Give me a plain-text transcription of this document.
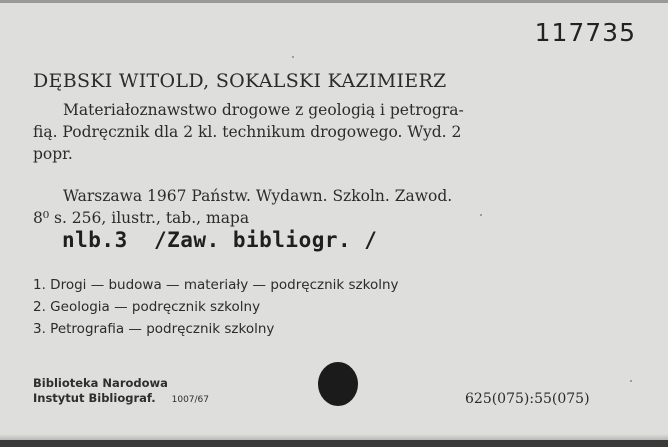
117735
DĘBSKI WITOLD, SOKALSKI KAZIMIERZ
Materiałoznawstwo drogowe z geologią i petrogra-
fią. Podręcznik dla 2 kl. technikum drogowego. Wyd. 2
popr.
Warszawa 1967 Państw. Wydawn. Szkoln. Zawod.
8⁰ s. 256, ilustr., tab., mapa
nlb.3  /Zaw. bibliogr. /
1. Drogi — budowa — materiały — podręcznik szkolny
2. Geologia — podręcznik szkolny
3. Petrografia — podręcznik szkolny
Biblioteka Narodowa
Instytut Bibliograf. 1007/67	625(075):55(075)
